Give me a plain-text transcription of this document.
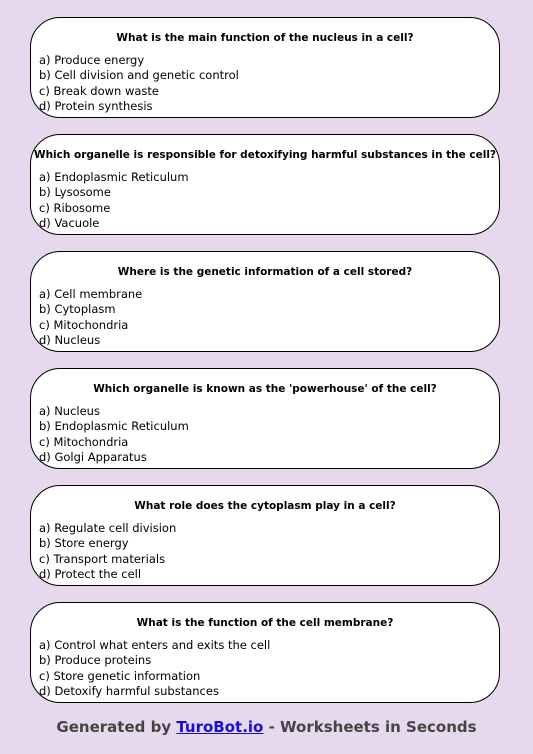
What is the main function of the nucleus in a cell?
a) Produce energy
b) Cell division and genetic control
c) Break down waste
d) Protein synthesis
Which organelle is responsible for detoxifying harmful substances in the cell?
a) Endoplasmic Reticulum
b) Lysosome
c) Ribosome
d) Vacuole
Where is the genetic information of a cell stored?
a) Cell membrane
b) Cytoplasm
c) Mitochondria
d) Nucleus
Which organelle is known as the 'powerhouse' of the cell?
a) Nucleus
b) Endoplasmic Reticulum
c) Mitochondria
d) Golgi Apparatus
What role does the cytoplasm play in a cell?
a) Regulate cell division
b) Store energy
c) Transport materials
d) Protect the cell
What is the function of the cell membrane?
a) Control what enters and exits the cell
b) Produce proteins
c) Store genetic information
d) Detoxify harmful substances
Generated by TuroBot.io - Worksheets in Seconds
